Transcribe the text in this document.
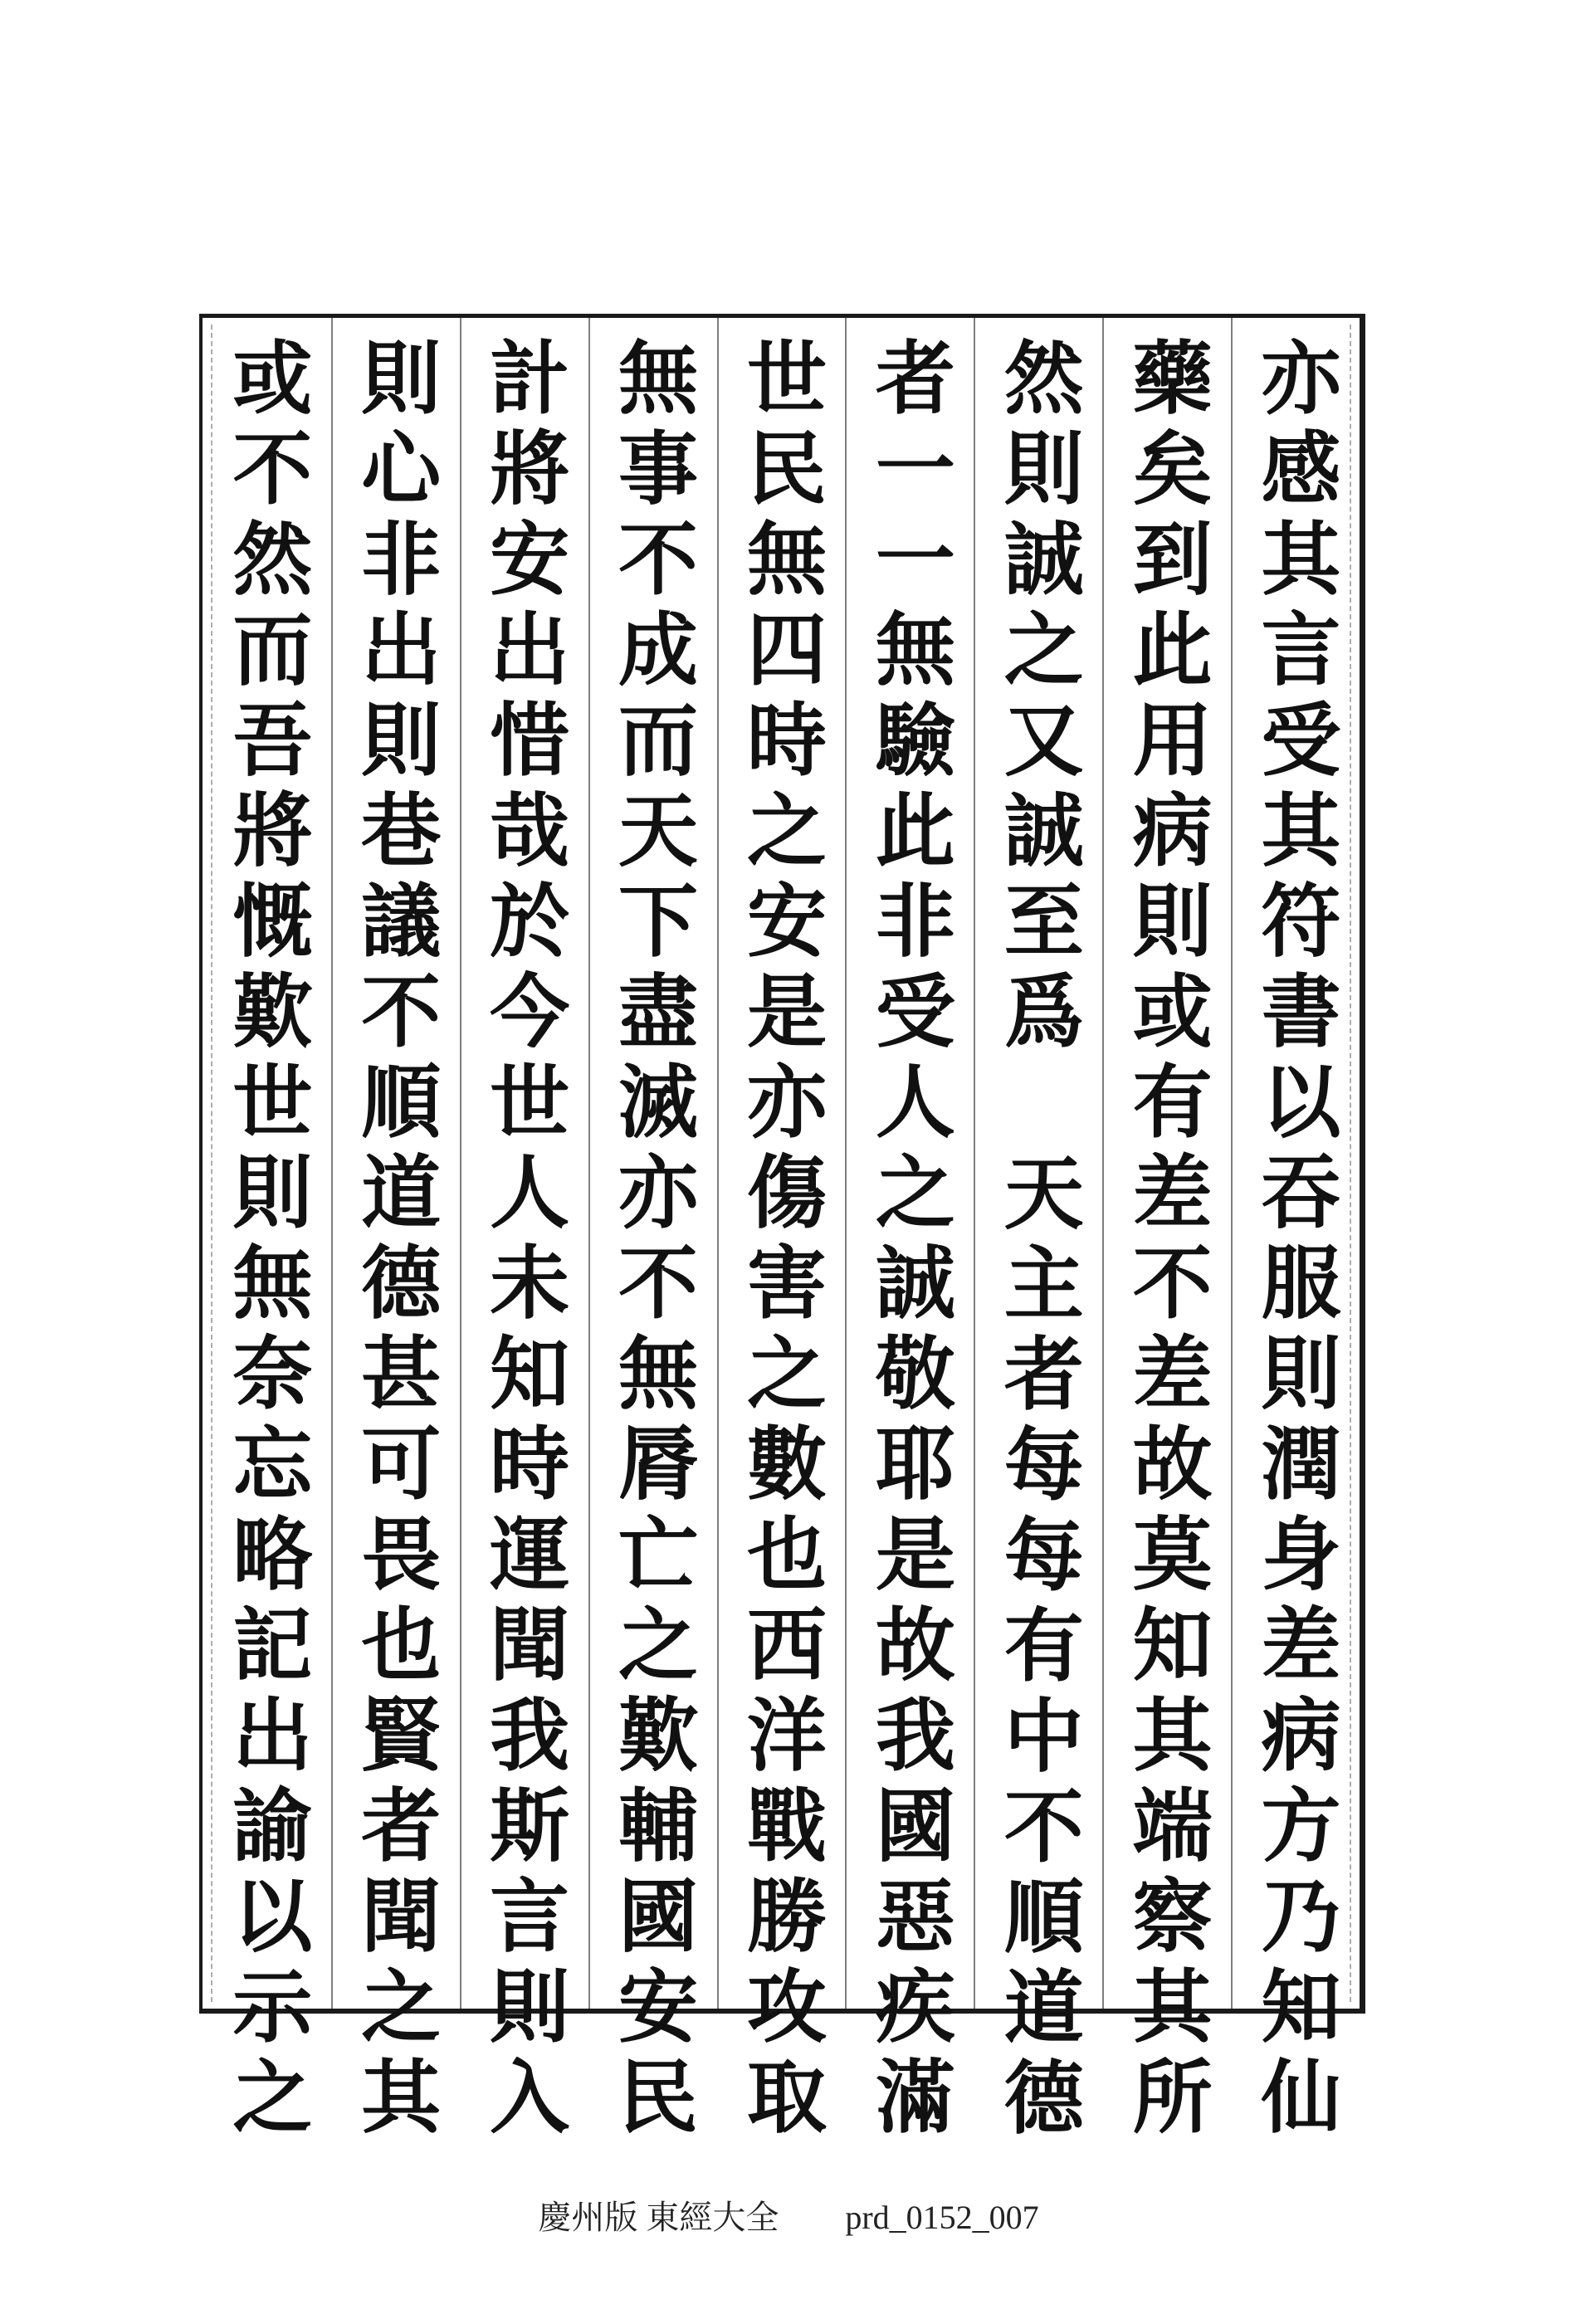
亦感其言受其符書以吞服則潤身差病方乃知仙
藥矣到此用病則或有差不差故莫知其端察其所
然則誠之又誠至爲天主者每每有中不順道德
者一一無驗此非受人之誠敬耶是故我國惡疾滿
世民無四時之安是亦傷害之數也西洋戰勝攻取
無事不成而天下盡滅亦不無脣亡之歎輔國安民
計將安出惜哉於今世人未知時運聞我斯言則入
則心非出則巷議不順道德甚可畏也賢者聞之其
或不然而吾將慨歎世則無奈忘略記出諭以示之
慶州版 東經大全 prd_0152_007
